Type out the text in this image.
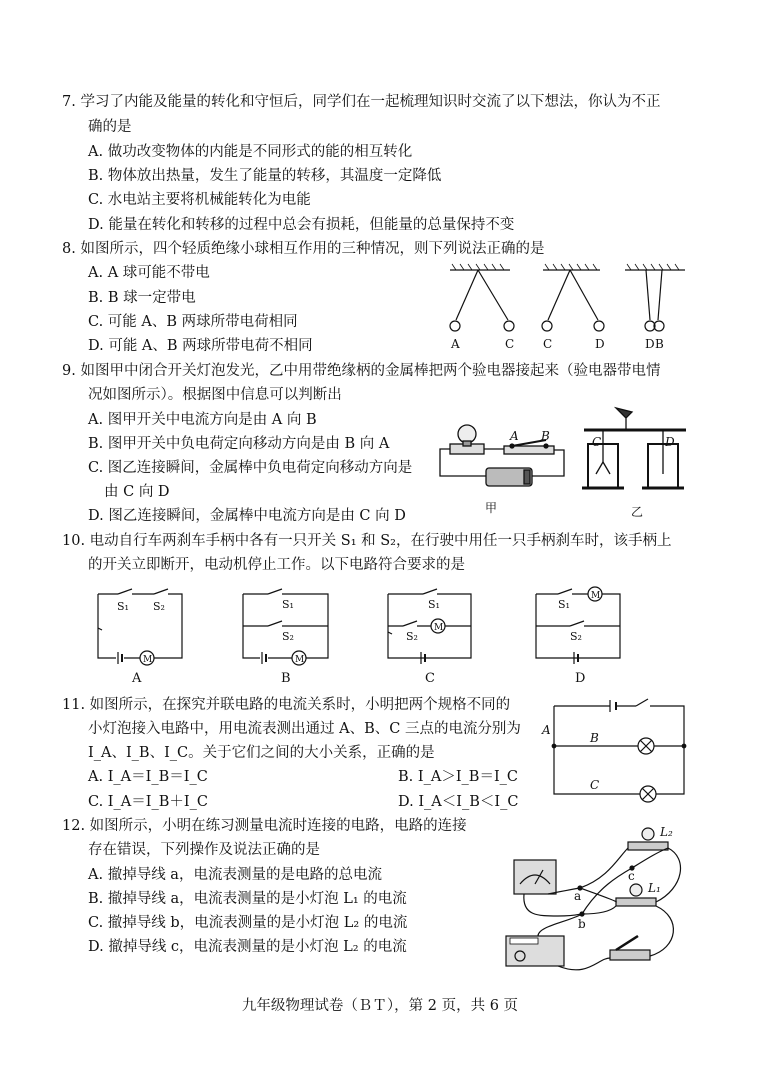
7. 学习了内能及能量的转化和守恒后，同学们在一起梳理知识时交流了以下想法，你认为不正
确的是
A. 做功改变物体的内能是不同形式的能的相互转化
B. 物体放出热量，发生了能量的转移，其温度一定降低
C. 水电站主要将机械能转化为电能
D. 能量在转化和转移的过程中总会有损耗，但能量的总量保持不变
8. 如图所示，四个轻质绝缘小球相互作用的三种情况，则下列说法正确的是
A. A 球可能不带电
B. B 球一定带电
C. 可能 A、B 两球所带电荷相同
D. 可能 A、B 两球所带电荷不相同	A	C C	D	D B
9. 如图甲中闭合开关灯泡发光，乙中用带绝缘柄的金属棒把两个验电器接起来（验电器带电情
况如图所示）。根据图中信息可以判断出
A. 图甲开关中电流方向是由 A 向 B
B. 图甲开关中负电荷定向移动方向是由 B 向 A
C. 图乙连接瞬间，金属棒中负电荷定向移动方向是
由 C 向 D
D. 图乙连接瞬间，金属棒中电流方向是由 C 向 D
A B
甲
C	D
乙
10. 电动自行车两刹车手柄中各有一只开关 S₁ 和 S₂，在行驶中用任一只手柄刹车时，该手柄上
的开关立即断开，电动机停止工作。以下电路符合要求的是
S₁ S₂
M
S₁
S₂
M
S₁
S₂
M
S₁
S₂
M
A	B	C	D
11. 如图所示，在探究并联电路的电流关系时，小明把两个规格不同的
小灯泡接入电路中，用电流表测出通过 A、B、C 三点的电流分别为
I_A、I_B、I_C。关于它们之间的大小关系，正确的是
A. I_A＝I_B＝I_C	B. I_A＞I_B＝I_C
C. I_A＝I_B＋I_C	D. I_A＜I_B＜I_C
A
B
C
12. 如图所示，小明在练习测量电流时连接的电路，电路的连接
存在错误，下列操作及说法正确的是
A. 撤掉导线 a，电流表测量的是电路的总电流
B. 撤掉导线 a，电流表测量的是小灯泡 L₁ 的电流
C. 撤掉导线 b，电流表测量的是小灯泡 L₂ 的电流
D. 撤掉导线 c，电流表测量的是小灯泡 L₂ 的电流
a
b
c
L₁
L₂
九年级物理试卷（ＢＴ），第 2 页，共 6 页
